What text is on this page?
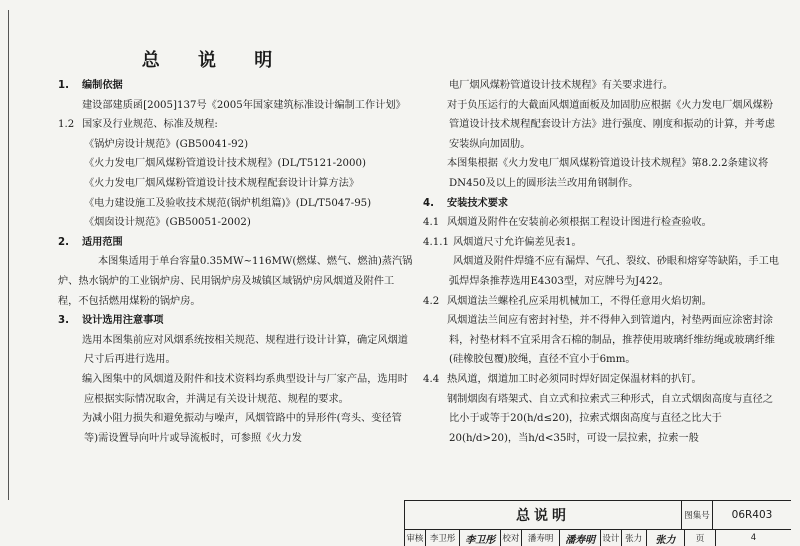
总 说 明
1. 编制依据
建设部建质函[2005]137号《2005年国家建筑标准设计编制工作计划》
1.2 国家及行业规范、标准及规程:
《锅炉房设计规范》(GB50041-92)
《火力发电厂烟风煤粉管道设计技术规程》(DL/T5121-2000)
《火力发电厂烟风煤粉管道设计技术规程配套设计计算方法》
《电力建设施工及验收技术规范(锅炉机组篇)》(DL/T5047-95)
《烟囱设计规范》(GB50051-2002)
2. 适用范围
本图集适用于单台容量0.35MW~116MW(燃煤、燃气、燃油)蒸汽锅炉、热水锅炉的工业锅炉房、民用锅炉房及城镇区域锅炉房风烟道及附件工程，不包括燃用煤粉的锅炉房。
3. 设计选用注意事项
选用本图集前应对风烟系统按相关规范、规程进行设计计算，确定风烟道尺寸后再进行选用。
编入图集中的风烟道及附件和技术资料均系典型设计与厂家产品，选用时应根据实际情况取舍，并满足有关设计规范、规程的要求。
为减小阻力损失和避免振动与噪声，风烟管路中的异形件(弯头、变径管等)需设置导向叶片或导流板时，可参照《火力发
电厂烟风煤粉管道设计技术规程》有关要求进行。
对于负压运行的大截面风烟道面板及加固肋应根据《火力发电厂烟风煤粉管道设计技术规程配套设计方法》进行强度、刚度和振动的计算，并考虑安装纵向加固肋。
本图集根据《火力发电厂烟风煤粉管道设计技术规程》第8.2.2条建议将DN450及以上的圆形法兰改用角钢制作。
4. 安装技术要求
4.1 风烟道及附件在安装前必须根据工程设计图进行检查验收。
4.1.1 风烟道尺寸允许偏差见表1。
风烟道及附件焊缝不应有漏焊、气孔、裂纹、砂眼和熔穿等缺陷，手工电弧焊焊条推荐选用E4303型，对应牌号为J422。
4.2 风烟道法兰螺栓孔应采用机械加工，不得任意用火焰切割。
风烟道法兰间应有密封衬垫，并不得伸入到管道内，衬垫两面应涂密封涂料，衬垫材料不宜采用含石棉的制品，推荐使用玻璃纤维纺绳或玻璃纤维(硅橡胶包覆)胶绳，直径不宜小于6mm。
4.4 热风道，烟道加工时必须同时焊好固定保温材料的扒钉。
钢制烟囱有塔架式、自立式和拉索式三种形式，自立式烟囱高度与直径之比小于或等于20(h/d≤20)，拉索式烟囱高度与直径之比大于20(h/d>20)，当h/d<35时，可设一层拉索，拉索一般
总说明	图集号	06R403
审核 李卫彤 李卫彤 校对 潘寿明	潘寿明 设计 张力	张力	页	4
